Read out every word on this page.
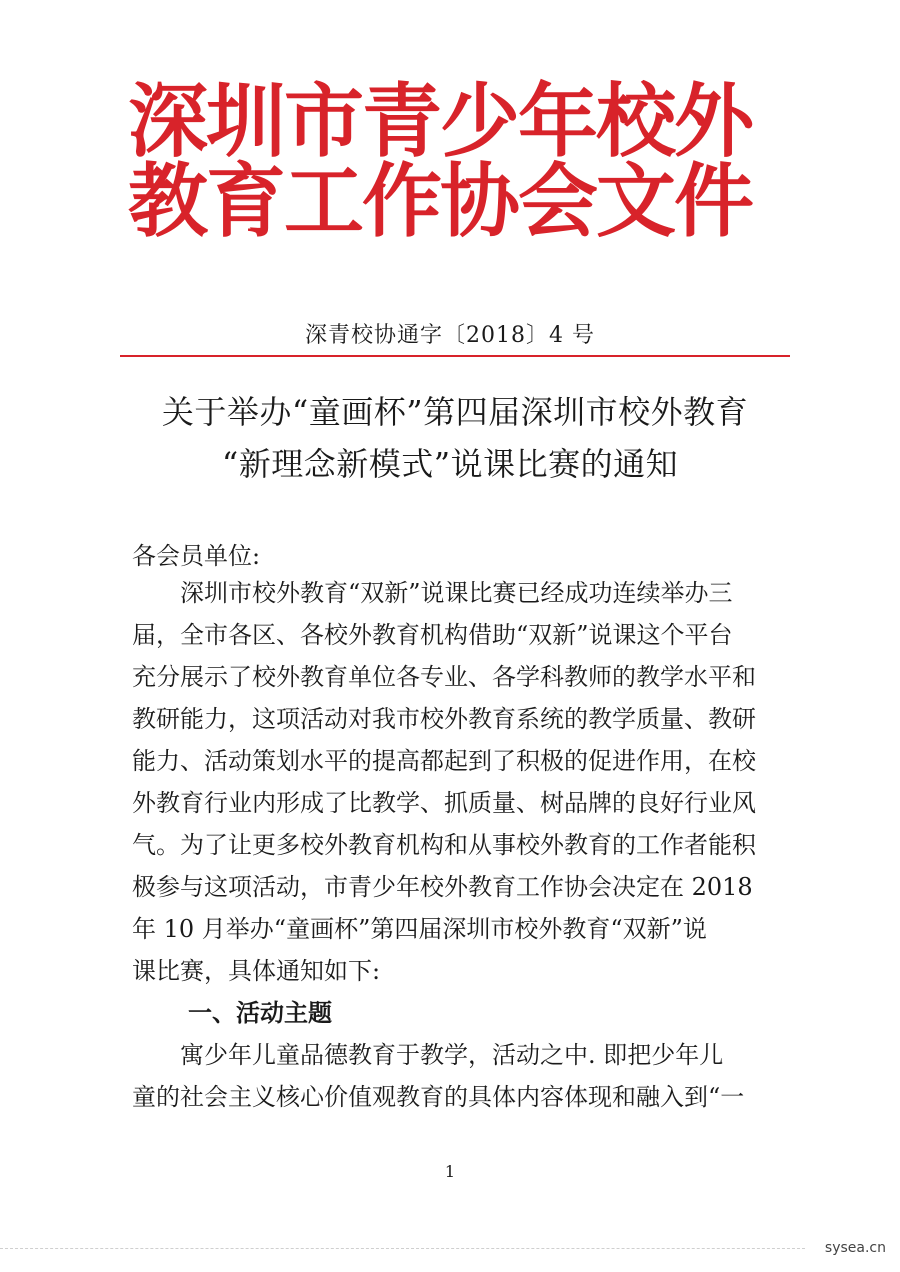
深圳市青少年校外
教育工作协会文件
深青校协通字〔2018〕4 号
关于举办“童画杯”第四届深圳市校外教育
“新理念新模式”说课比赛的通知
各会员单位:
　　深圳市校外教育“双新”说课比赛已经成功连续举办三
届，全市各区、各校外教育机构借助“双新”说课这个平台
充分展示了校外教育单位各专业、各学科教师的教学水平和
教研能力，这项活动对我市校外教育系统的教学质量、教研
能力、活动策划水平的提高都起到了积极的促进作用，在校
外教育行业内形成了比教学、抓质量、树品牌的良好行业风
气。为了让更多校外教育机构和从事校外教育的工作者能积
极参与这项活动，市青少年校外教育工作协会决定在 2018
年 10 月举办“童画杯”第四届深圳市校外教育“双新”说
课比赛，具体通知如下:
一、活动主题
　　寓少年儿童品德教育于教学，活动之中. 即把少年儿
童的社会主义核心价值观教育的具体内容体现和融入到“一
1
sysea.cn
